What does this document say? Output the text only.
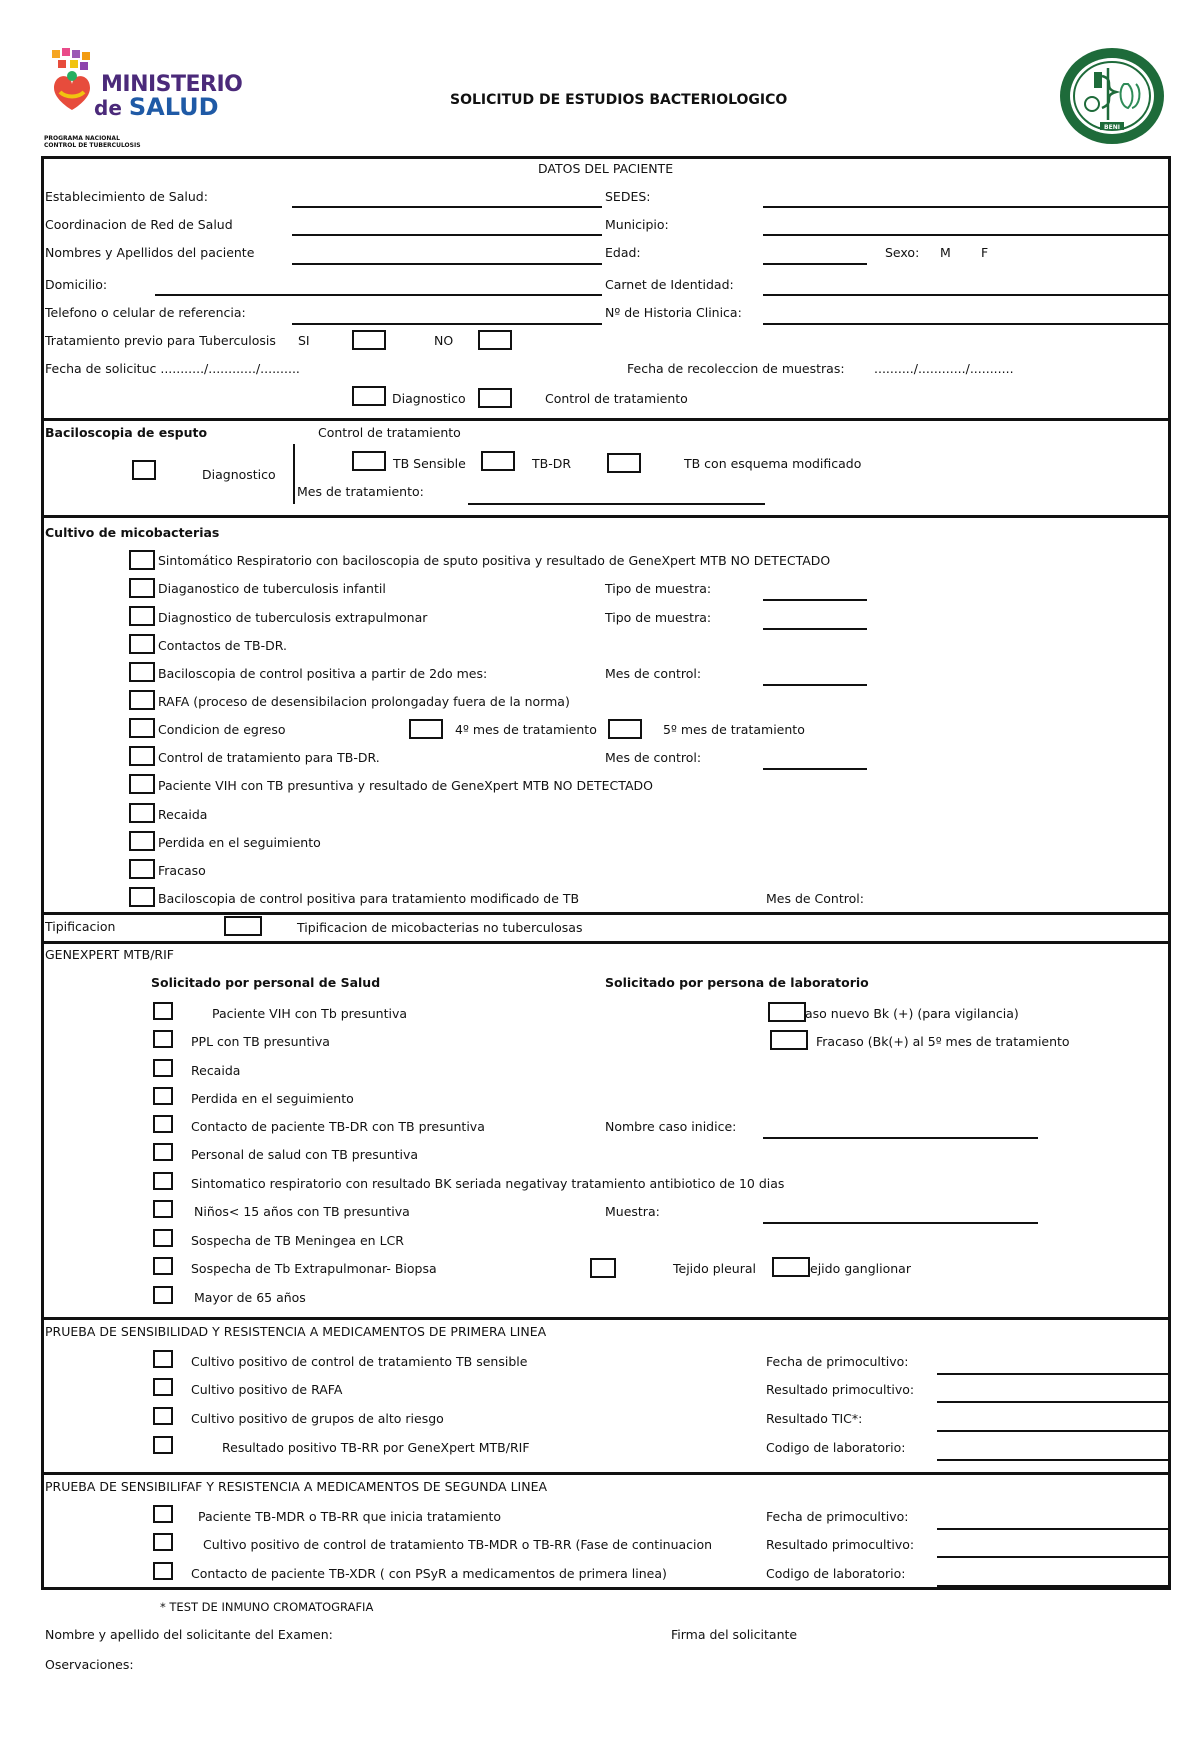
MINISTERIO
de SALUD
PROGRAMA NACIONAL
CONTROL DE TUBERCULOSIS
SOLICITUD DE ESTUDIOS BACTERIOLOGICO
BENI
DATOS DEL PACIENTE
Establecimiento de Salud:	SEDES:
Coordinacion de Red de Salud	Municipio:
Nombres y Apellidos del paciente	Edad:	Sexo: M F
Domicilio:	Carnet de Identidad:
Telefono o celular de referencia:	Nº de Historia Clinica:
Tratamiento previo para Tuberculosis SI	NO
Fecha de solicituc .........../............/..........	Fecha de recoleccion de muestras: ........../............/...........
Diagnostico	Control de tratamiento
Baciloscopia de esputo	Control de tratamiento
Diagnostico
TB Sensible	TB-DR	TB con esquema modificado
Mes de tratamiento:
Cultivo de micobacterias
Sintomático Respiratorio con baciloscopia de sputo positiva y resultado de GeneXpert MTB NO DETECTADO
Diaganostico de tuberculosis infantil	Tipo de muestra:
Diagnostico de tuberculosis extrapulmonar	Tipo de muestra:
Contactos de TB-DR.
Baciloscopia de control positiva a partir de 2do mes:	Mes de control:
RAFA (proceso de desensibilacion prolongaday fuera de la norma)
Condicion de egreso	4º mes de tratamiento	5º mes de tratamiento
Control de tratamiento para TB-DR.	Mes de control:
Paciente VIH con TB presuntiva y resultado de GeneXpert MTB NO DETECTADO
Recaida
Perdida en el seguimiento
Fracaso
Baciloscopia de control positiva para tratamiento modificado de TB	Mes de Control:
Tipificacion	Tipificacion de micobacterias no tuberculosas
GENEXPERT MTB/RIF
Solicitado por personal de Salud	Solicitado por persona de laboratorio
Paciente VIH con Tb presuntiva	aso nuevo Bk (+) (para vigilancia)
PPL con TB presuntiva	Fracaso (Bk(+) al 5º mes de tratamiento
Recaida
Perdida en el seguimiento
Contacto de paciente TB-DR con TB presuntiva	Nombre caso inidice:
Personal de salud con TB presuntiva
Sintomatico respiratorio con resultado BK seriada negativay tratamiento antibiotico de 10 dias
Niños< 15 años con TB presuntiva	Muestra:
Sospecha de TB Meningea en LCR
Sospecha de Tb Extrapulmonar- Biopsa	Tejido pleural	ejido ganglionar
Mayor de 65 años
PRUEBA DE SENSIBILIDAD Y RESISTENCIA A MEDICAMENTOS DE PRIMERA LINEA
Cultivo positivo de control de tratamiento TB sensible	Fecha de primocultivo:
Cultivo positivo de RAFA	Resultado primocultivo:
Cultivo positivo de grupos de alto riesgo	Resultado TIC*:
Resultado positivo TB-RR por GeneXpert MTB/RIF	Codigo de laboratorio:
PRUEBA DE SENSIBILIFAF Y RESISTENCIA A MEDICAMENTOS DE SEGUNDA LINEA
Paciente TB-MDR o TB-RR que inicia tratamiento	Fecha de primocultivo:
Cultivo positivo de control de tratamiento TB-MDR o TB-RR (Fase de continuacion	Resultado primocultivo:
Contacto de paciente TB-XDR ( con PSyR a medicamentos de primera linea)	Codigo de laboratorio:
* TEST DE INMUNO CROMATOGRAFIA
Nombre y apellido del solicitante del Examen:	Firma del solicitante
Oservaciones:
